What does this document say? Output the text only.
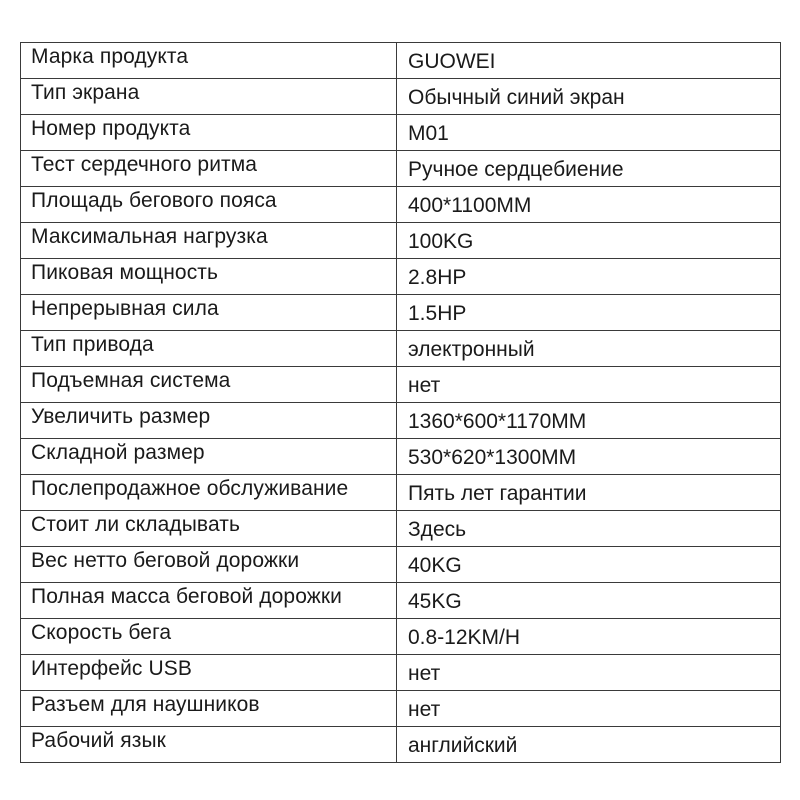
Марка продукта	GUOWEI
Тип экрана	Обычный синий экран
Номер продукта	M01
Тест сердечного ритма	Ручное сердцебиение
Площадь бегового пояса	400*1100MM
Максимальная нагрузка	100KG
Пиковая мощность	2.8HP
Непрерывная сила	1.5HP
Тип привода	электронный
Подъемная система	нет
Увеличить размер	1360*600*1170MM
Складной размер	530*620*1300MM
Послепродажное обслуживание	Пять лет гарантии
Стоит ли складывать	Здесь
Вес нетто беговой дорожки	40KG
Полная масса беговой дорожки	45KG
Скорость бега	0.8-12KM/H
Интерфейс USB	нет
Разъем для наушников	нет
Рабочий язык	английский
